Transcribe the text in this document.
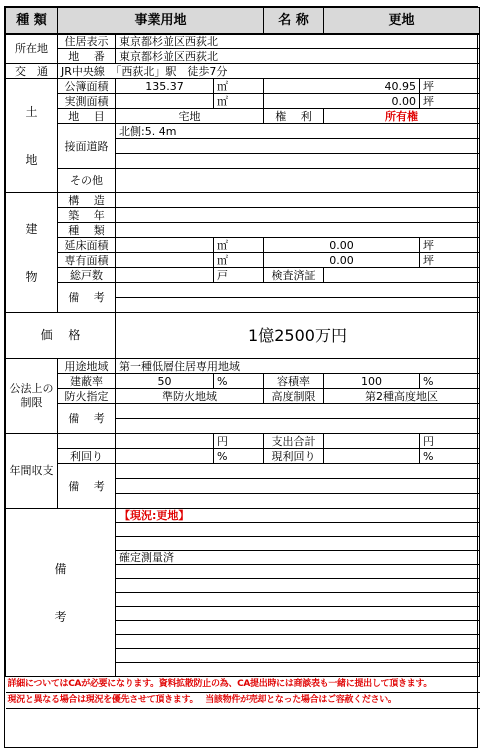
種 類	事業用地			名 称	更地	
所在地	住居表示	東京都杉並区西荻北				
	地　 番	東京都杉並区西荻北				
交　通	JR中央線　「西荻北」駅　徒歩7分					
土

地	公簿面積	135.37	㎡	40.95		坪
	実測面積		㎡	0.00		坪
	地　 目	宅地		権　 利	所有権	
	接面道路	北側:5. 4m				

	その他					
建

物	構　 造					
	築　 年					
	種　 類					
	延床面積		㎡	0.00		坪
	専有面積		㎡	0.00		坪
	総戸数		戸	検査済証		
	備　 考					

価　 格		1億2500万円				
公法上の制限	用途地域	第一種低層住居専用地域				
	建蔽率	50	%	容積率	100	%
	防火指定	準防火地域		高度制限	第2種高度地区	
	備　 考					

年間収支			円	支出合計		円
	利回り		%	現利回り		%
	備　 考					

備

考		【現況:更地】				

		確定測量済				

詳細についてはCAが必要になります。資料拡散防止の為、CA提出時には商談表も一緒に提出して頂きます。						
現況と異なる場合は現況を優先させて頂きます。　 当該物件が売却となった場合はご容赦ください。						
